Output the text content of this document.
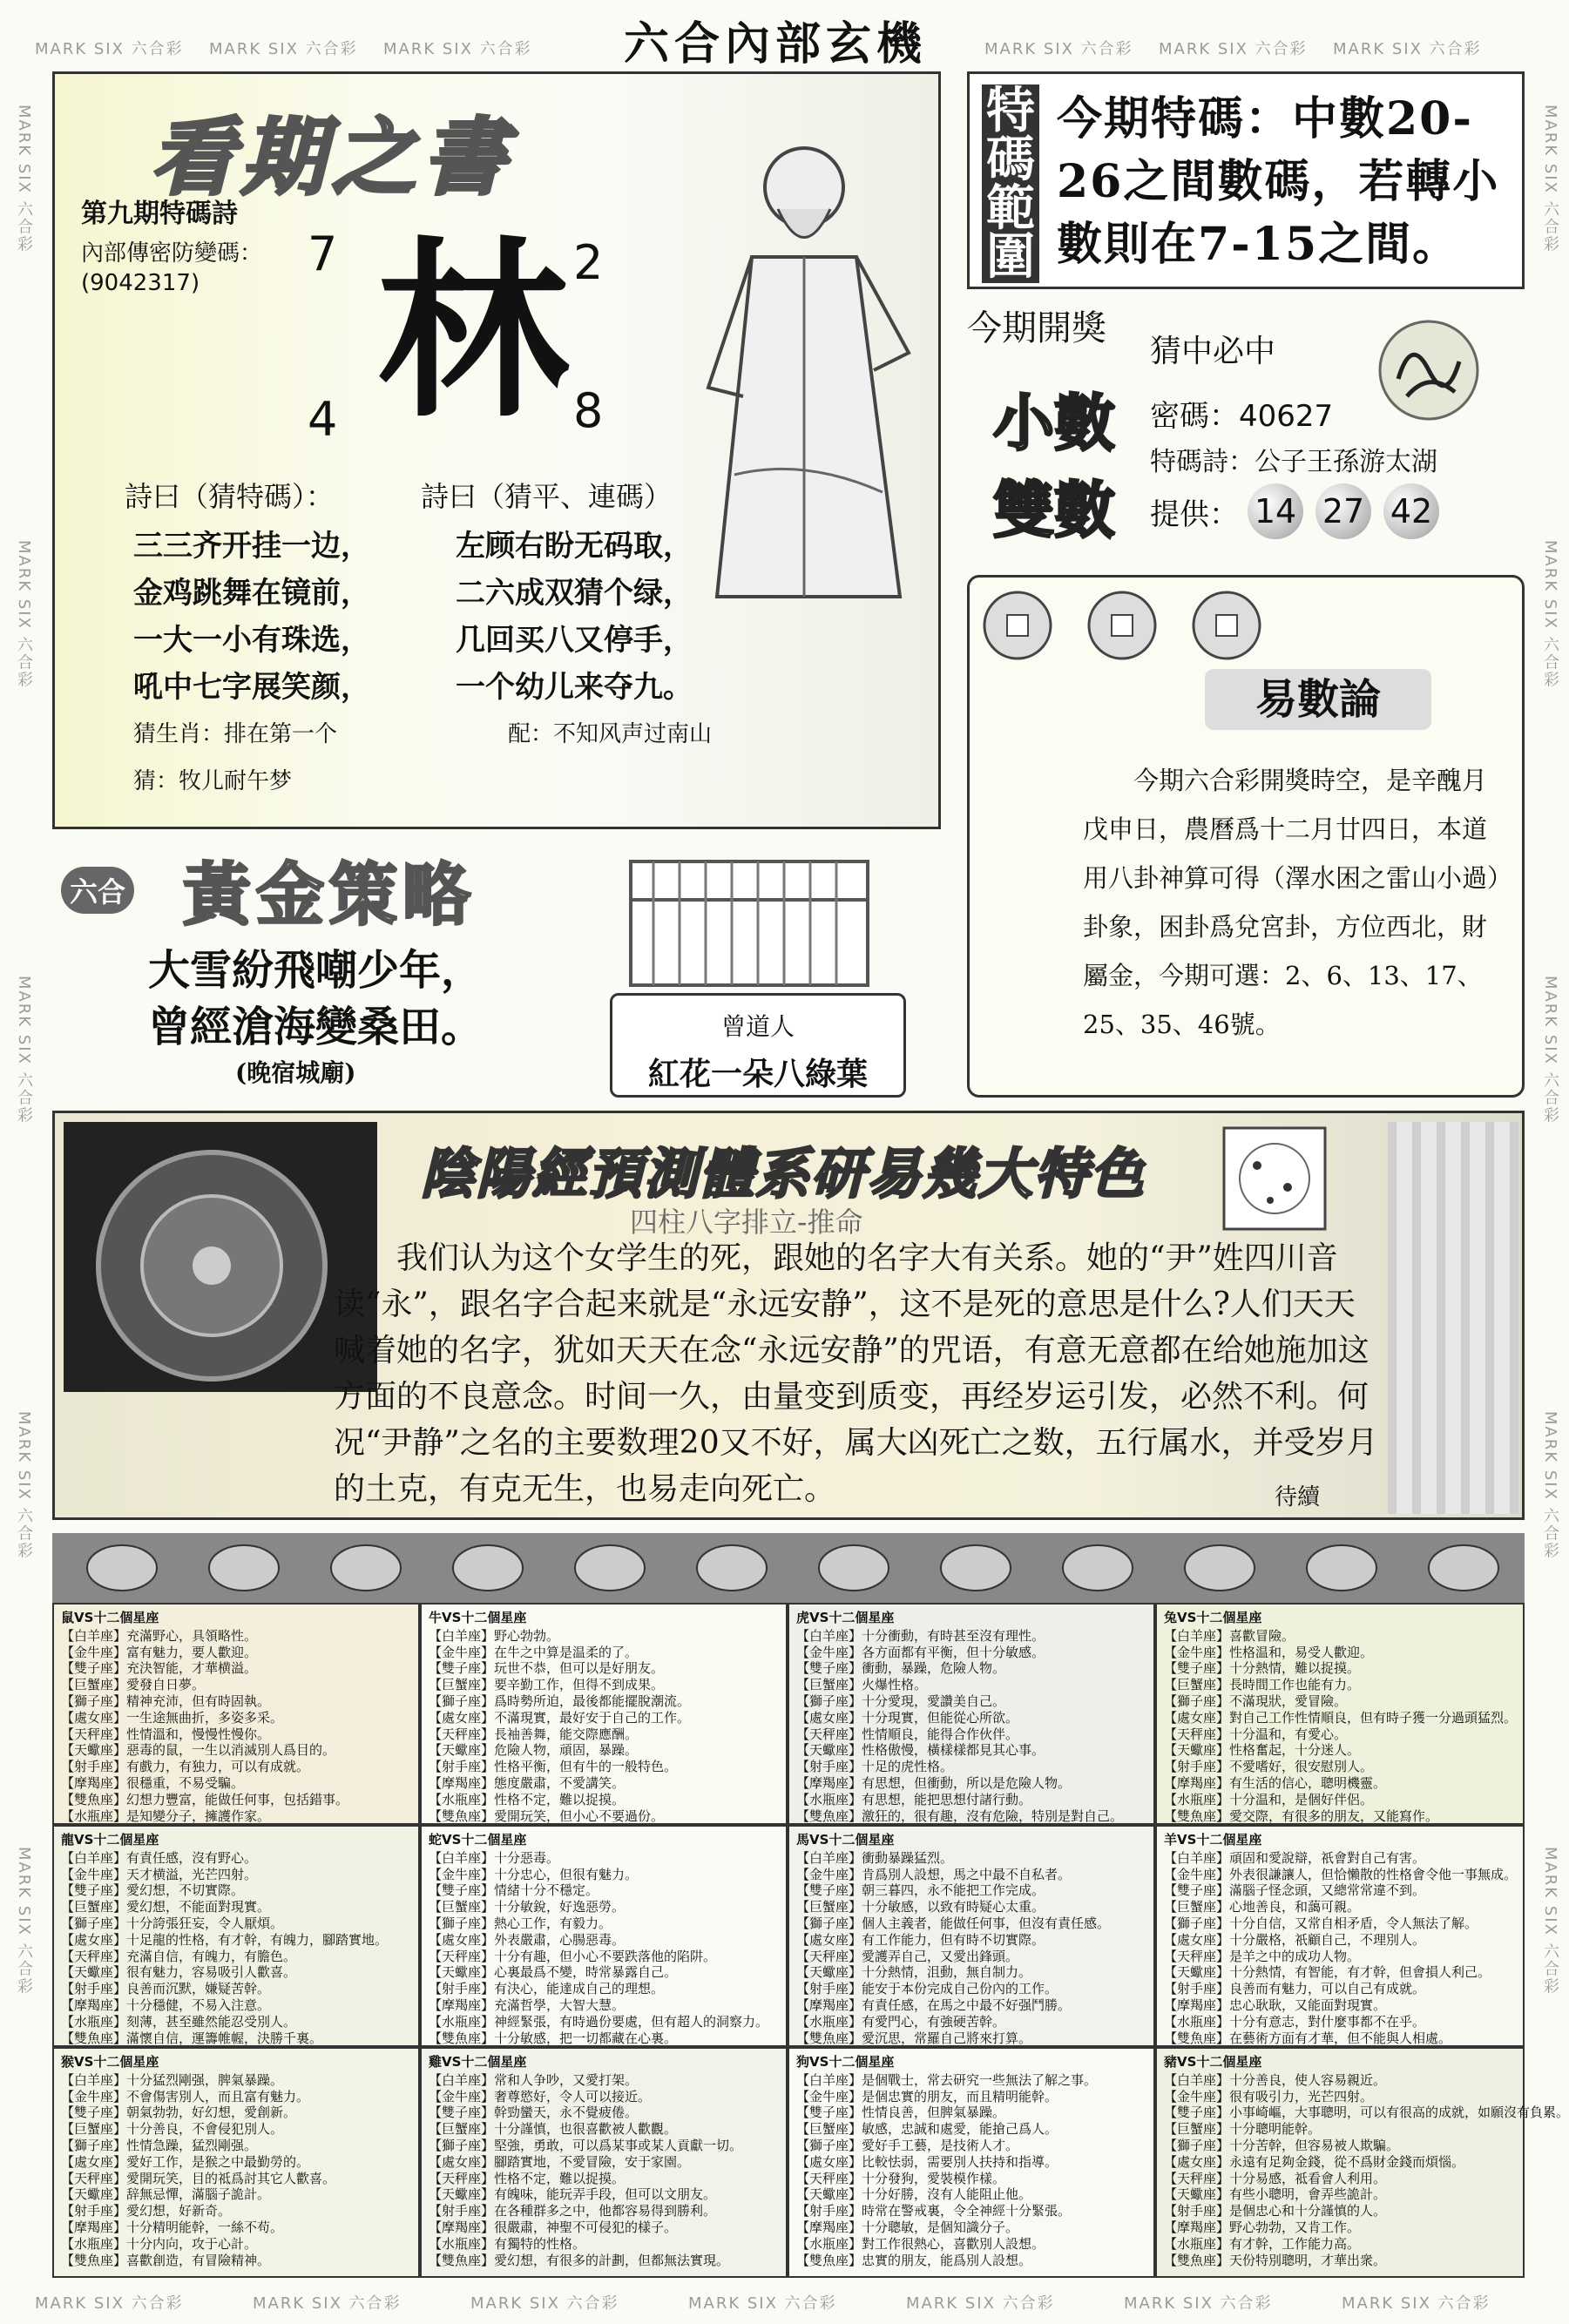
MARK SIX 六合彩 MARK SIX 六合彩 MARK SIX 六合彩	MARK SIX 六合彩 MARK SIX 六合彩 MARK SIX 六合彩
MARK SIX 六合彩	MARK SIX 六合彩	MARK SIX 六合彩	MARK SIX 六合彩	MARK SIX 六合彩	MARK SIX 六合彩	MARK SIX 六合彩
MARK SIX 六合彩
MARK SIX 六合彩
MARK SIX 六合彩
MARK SIX 六合彩
MARK SIX 六合彩
MARK SIX 六合彩
MARK SIX 六合彩
MARK SIX 六合彩
MARK SIX 六合彩
MARK SIX 六合彩
六合內部玄機
看期之書
第九期特碼詩
內部傳密防變碼：
(9042317)
7	2
4	8
林
詩曰（猜特碼）：	詩曰（猜平、連碼）
三三齐开挂一边，
金鸡跳舞在镜前，
一大一小有珠选，
吼中七字展笑颜，
猜生肖：排在第一个
猜：牧儿耐午梦
左顾右盼无码取，
二六成双猜个绿，
几回买八又停手，
一个幼儿来夺九。
配：不知风声过南山
特碼範圍
今期特碼：中數20-26之間數碼，若轉小數則在7-15之間。
今期開獎
猜中必中
小數
雙數
密碼：40627
特碼詩：公子王孫游太湖
提供： 14 27 42
六合 黃金策略
大雪紛飛嘲少年，
曾經滄海變桑田。
(晚宿城廟)
曾道人
紅花一朵八綠葉
易數論
今期六合彩開獎時空，是辛醜月戊申日，農曆爲十二月廿四日，本道用八卦神算可得（澤水困之雷山小過）卦象，困卦爲兌宮卦，方位西北，財屬金，今期可選：2、6、13、17、25、35、46號。
陰陽經預測體系研易幾大特色
四柱八字排立-推命
我们认为这个女学生的死，跟她的名字大有关系。她的“尹”姓四川音读“永”，跟名字合起来就是“永远安静”，这不是死的意思是什么?人们天天喊着她的名字，犹如天天在念“永远安静”的咒语，有意无意都在给她施加这方面的不良意念。时间一久，由量变到质变，再经岁运引发，必然不利。何况“尹静”之名的主要数理20又不好，属大凶死亡之数，五行属水，并受岁月的土克，有克无生，也易走向死亡。	待續
鼠VS十二個星座
【白羊座】充滿野心，具領略性。
【金牛座】富有魅力，要人歡迎。
【雙子座】充決智能，才華横溢。
【巨蟹座】愛發自日夢。
【獅子座】精神充沛，但有時固執。
【處女座】一生途無曲折，多姿多采。
【天秤座】性情溫和，慢慢性慢你。
【天蠍座】惡毒的鼠，一生以消滅別人爲目的。
【射手座】有戲力，有独力，可以有成就。
【摩羯座】很穩重，不易受騙。
【雙魚座】幻想力豐富，能做任何事，包括錯事。
【水瓶座】是知變分子，擁護作家。
牛VS十二個星座
【白羊座】野心勃勃。
【金牛座】在牛之中算是温柔的了。
【雙子座】玩世不恭，但可以是好朋友。
【巨蟹座】要辛勤工作，但得不到成果。
【獅子座】爲時勢所迫，最後都能擺脫潮流。
【處女座】不滿現實，最好安于自己的工作。
【天秤座】長袖善舞，能交際應酬。
【天蠍座】危險人物，頑固，暴躁。
【射手座】性格平衡，但有牛的一般特色。
【摩羯座】態度嚴肅，不愛講笑。
【水瓶座】性格不定，難以捉摸。
【雙魚座】愛開玩笑，但小心不要過份。
虎VS十二個星座
【白羊座】十分衝動，有時甚至沒有理性。
【金牛座】各方面都有平衡，但十分敏感。
【雙子座】衝動，暴躁，危險人物。
【巨蟹座】火爆性格。
【獅子座】十分愛現，愛讚美自己。
【處女座】十分現實，但能從心所欲。
【天秤座】性情順良，能得合作伙伴。
【天蠍座】性格傲慢，橫樣樣都見其心事。
【射手座】十足的虎性格。
【摩羯座】有思想，但衝動，所以是危險人物。
【水瓶座】有思想，能把思想付諸行動。
【雙魚座】激狂的，很有趣，沒有危險，特別是對自己。
兔VS十二個星座
【白羊座】喜歡冒險。
【金牛座】性格温和，易受人歡迎。
【雙子座】十分熱情，難以捉摸。
【巨蟹座】長時間工作也能有力。
【獅子座】不滿現狀，愛冒險。
【處女座】對自己工作性情順良，但有時子獲一分過頭猛烈。
【天秤座】十分温和，有愛心。
【天蠍座】性格奮起，十分迷人。
【射手座】不愛嗜好，很安慰別人。
【摩羯座】有生活的信心，聰明機靈。
【水瓶座】十分温和，是個好伴侶。
【雙魚座】愛交際，有很多的朋友，又能寫作。
龍VS十二個星座
【白羊座】有責任感，沒有野心。
【金牛座】天才横溢，光芒四射。
【雙子座】愛幻想，不切實際。
【巨蟹座】愛幻想，不能面對現實。
【獅子座】十分誇張狂妄，令人厭煩。
【處女座】十足龍的性格，有才幹，有魄力，腳踏實地。
【天秤座】充滿自信，有魄力，有膽色。
【天蠍座】很有魅力，容易吸引人歡喜。
【射手座】良善而沉默，嫌疑苦幹。
【摩羯座】十分穩健，不易入注意。
【水瓶座】刻薄，甚至雖然能忍受別人。
【雙魚座】滿懷自信，運籌帷幄，決勝千裏。
蛇VS十二個星座
【白羊座】十分惡毒。
【金牛座】十分忠心，但很有魅力。
【雙子座】情緒十分不穩定。
【巨蟹座】十分敏銳，好逸惡勞。
【獅子座】熱心工作，有毅力。
【處女座】外表嚴肅，心腸惡毒。
【天秤座】十分有趣，但小心不要跌落他的陷阱。
【天蠍座】心裏最爲不變，時常暴露自己。
【射手座】有決心，能達成自己的理想。
【摩羯座】充滿哲學，大智大慧。
【水瓶座】神經緊張，有時過份要處，但有超人的洞察力。
【雙魚座】十分敏感，把一切都藏在心裏。
馬VS十二個星座
【白羊座】衝動暴躁猛烈。
【金牛座】肯爲別人設想，馬之中最不自私者。
【雙子座】朝三暮四，永不能把工作完成。
【巨蟹座】十分敏感，以致有時疑心太重。
【獅子座】個人主義者，能做任何事，但沒有責任感。
【處女座】有工作能力，但有時不切實際。
【天秤座】愛護弄自己，又愛出鋒頭。
【天蠍座】十分熱情，沮動，無自制力。
【射手座】能安于本份完成自己份內的工作。
【摩羯座】有責任感，在馬之中最不好强鬥勝。
【水瓶座】有愛門心，有強硬苦幹。
【雙魚座】愛沉思，常羅自己將來打算。
羊VS十二個星座
【白羊座】頑固和愛說辯，祇會對自己有害。
【金牛座】外表很謙讓人，但恰懶散的性格會令他一事無成。
【雙子座】滿腦子怪念頭，又總常常違不到。
【巨蟹座】心地善良，和藹可親。
【獅子座】十分自信，又常自相矛盾，令人無法了解。
【處女座】十分嚴格，祇顧自己，不理別人。
【天秤座】是羊之中的成功人物。
【天蠍座】十分熱情，有智能，有才幹，但會損人利己。
【射手座】良善而有魅力，可以自己有成就。
【摩羯座】忠心耿耿，又能面對現實。
【水瓶座】十分有意志，對什麼事都不在乎。
【雙魚座】在藝術方面有才華，但不能與人相處。
猴VS十二個星座
【白羊座】十分猛烈剛强，脾氣暴躁。
【金牛座】不會傷害別人，而且富有魅力。
【雙子座】朝氣勃勃，好幻想，愛創新。
【巨蟹座】十分善良，不會侵犯別人。
【獅子座】性情急躁，猛烈剛强。
【處女座】愛好工作，是猴之中最勤勞的。
【天秤座】愛開玩笑，目的祗爲討其它人歡喜。
【天蠍座】辞無忌憚，滿腦子詭計。
【射手座】愛幻想，好新奇。
【摩羯座】十分精明能幹，一絲不苟。
【水瓶座】十分内向，攻于心計。
【雙魚座】喜歡創造，有冒險精神。
雞VS十二個星座
【白羊座】常和人争吵，又愛打架。
【金牛座】奢尊慾好，令人可以接近。
【雙子座】幹勁蠻天，永不覺疲倦。
【巨蟹座】十分謹慎，也很喜歡被人歡觀。
【獅子座】堅強，勇敢，可以爲某事或某人貢獻一切。
【處女座】腳踏實地，不愛冒險，安于家園。
【天秤座】性格不定，難以捉摸。
【天蠍座】有魄味，能玩弄手段，但可以文朋友。
【射手座】在各種群多之中，他都容易得到勝利。
【摩羯座】很嚴肅，神聖不可侵犯的樣子。
【水瓶座】有獨特的性格。
【雙魚座】愛幻想，有很多的計劃，但都無法實現。
狗VS十二個星座
【白羊座】是個戰士，常去研究一些無法了解之事。
【金牛座】是個忠實的朋友，而且精明能幹。
【雙子座】性情良善，但脾氣暴躁。
【巨蟹座】敏感，忠誠和處愛，能搶己爲人。
【獅子座】愛好手工藝，是技術人才。
【處女座】比較怯弱，需要別人扶持和指導。
【天秤座】十分發狗，愛裝模作樣。
【天蠍座】十分好勝，沒有人能阻止他。
【射手座】時常在警戒裏，令全神經十分緊張。
【摩羯座】十分聰敏，是個知識分子。
【水瓶座】對工作很熱心，喜歡別人設想。
【雙魚座】忠實的朋友，能爲別人設想。
豬VS十二個星座
【白羊座】十分善良，使人容易親近。
【金牛座】很有吸引力，光芒四射。
【雙子座】小事崎嶇，大事聰明，可以有很高的成就，如願沒有負累。
【巨蟹座】十分聰明能幹。
【獅子座】十分苦幹，但容易被人欺騙。
【處女座】永遠有足夠金錢，從不爲財金錢而煩惱。
【天秤座】十分易感，祗看會人利用。
【天蠍座】有些小聰明，會弄些詭計。
【射手座】是個忠心和十分謹慎的人。
【摩羯座】野心勃勃，又肯工作。
【水瓶座】有才幹，工作能力高。
【雙魚座】天份特別聰明，才華出衆。
